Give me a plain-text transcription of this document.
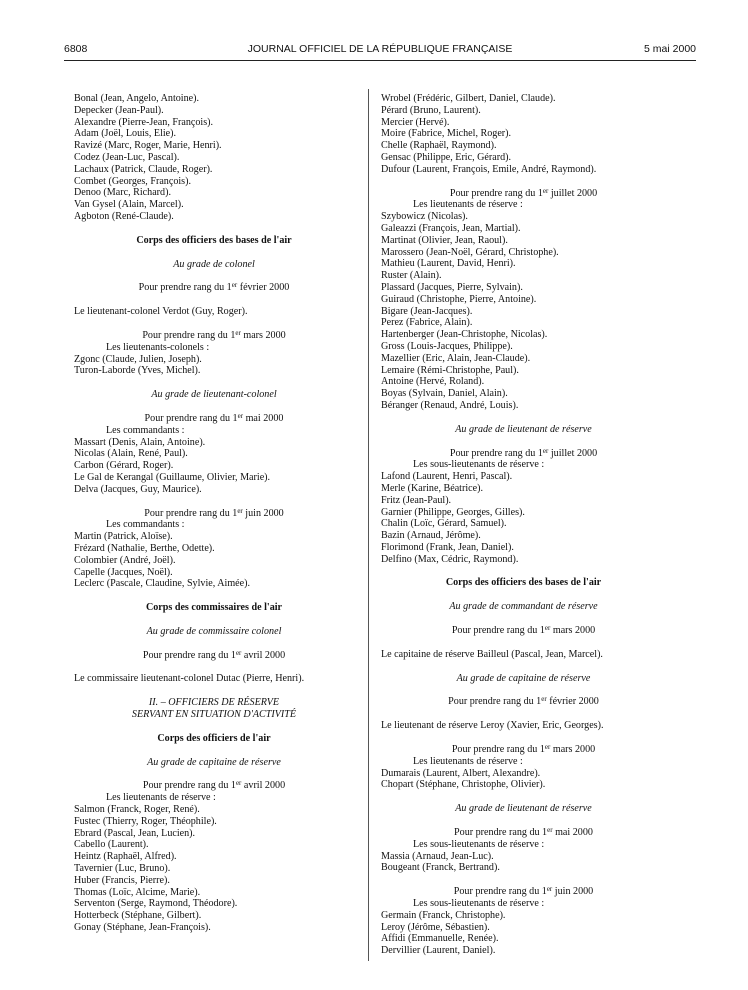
6808	JOURNAL OFFICIEL DE LA RÉPUBLIQUE FRANÇAISE	5 mai 2000

Bonal (Jean, Angelo, Antoine).

Depecker (Jean-Paul).

Alexandre (Pierre-Jean, François).

Adam (Joël, Louis, Elie).

Ravizé (Marc, Roger, Marie, Henri).

Codez (Jean-Luc, Pascal).

Lachaux (Patrick, Claude, Roger).

Combet (Georges, François).

Denoo (Marc, Richard).

Van Gysel (Alain, Marcel).

Agboton (René-Claude).

Corps des officiers des bases de l'air

Au grade de colonel

Pour prendre rang du 1er février 2000

Le lieutenant-colonel Verdot (Guy, Roger).

Pour prendre rang du 1er mars 2000

Les lieutenants-colonels :

Zgonc (Claude, Julien, Joseph).

Turon-Laborde (Yves, Michel).

Au grade de lieutenant-colonel

Pour prendre rang du 1er mai 2000

Les commandants :

Massart (Denis, Alain, Antoine).

Nicolas (Alain, René, Paul).

Carbon (Gérard, Roger).

Le Gal de Kerangal (Guillaume, Olivier, Marie).

Delva (Jacques, Guy, Maurice).

Pour prendre rang du 1er juin 2000

Les commandants :

Martin (Patrick, Aloïse).

Frézard (Nathalie, Berthe, Odette).

Colombier (André, Joël).

Capelle (Jacques, Noël).

Leclerc (Pascale, Claudine, Sylvie, Aimée).

Corps des commissaires de l'air

Au grade de commissaire colonel

Pour prendre rang du 1er avril 2000

Le commissaire lieutenant-colonel Dutac (Pierre, Henri).

II. – OFFICIERS DE RÉSERVE

SERVANT EN SITUATION D'ACTIVITÉ

Corps des officiers de l'air

Au grade de capitaine de réserve

Pour prendre rang du 1er avril 2000

Les lieutenants de réserve :

Salmon (Franck, Roger, René).

Fustec (Thierry, Roger, Théophile).

Ebrard (Pascal, Jean, Lucien).

Cabello (Laurent).

Heintz (Raphaël, Alfred).

Tavernier (Luc, Bruno).

Huber (Francis, Pierre).

Thomas (Loïc, Alcime, Marie).

Serventon (Serge, Raymond, Théodore).

Hotterbeck (Stéphane, Gilbert).

Gonay (Stéphane, Jean-François).

Wrobel (Frédéric, Gilbert, Daniel, Claude).

Pérard (Bruno, Laurent).

Mercier (Hervé).

Moire (Fabrice, Michel, Roger).

Chelle (Raphaël, Raymond).

Gensac (Philippe, Eric, Gérard).

Dufour (Laurent, François, Emile, André, Raymond).

Pour prendre rang du 1er juillet 2000

Les lieutenants de réserve :

Szybowicz (Nicolas).

Galeazzi (François, Jean, Martial).

Martinat (Olivier, Jean, Raoul).

Marossero (Jean-Noël, Gérard, Christophe).

Mathieu (Laurent, David, Henri).

Ruster (Alain).

Plassard (Jacques, Pierre, Sylvain).

Guiraud (Christophe, Pierre, Antoine).

Bigare (Jean-Jacques).

Perez (Fabrice, Alain).

Hartenberger (Jean-Christophe, Nicolas).

Gross (Louis-Jacques, Philippe).

Mazellier (Eric, Alain, Jean-Claude).

Lemaire (Rémi-Christophe, Paul).

Antoine (Hervé, Roland).

Boyas (Sylvain, Daniel, Alain).

Béranger (Renaud, André, Louis).

Au grade de lieutenant de réserve

Pour prendre rang du 1er juillet 2000

Les sous-lieutenants de réserve :

Lafond (Laurent, Henri, Pascal).

Merle (Karine, Béatrice).

Fritz (Jean-Paul).

Garnier (Philippe, Georges, Gilles).

Chalin (Loïc, Gérard, Samuel).

Bazin (Arnaud, Jérôme).

Florimond (Frank, Jean, Daniel).

Delfino (Max, Cédric, Raymond).

Corps des officiers des bases de l'air

Au grade de commandant de réserve

Pour prendre rang du 1er mars 2000

Le capitaine de réserve Bailleul (Pascal, Jean, Marcel).

Au grade de capitaine de réserve

Pour prendre rang du 1er février 2000

Le lieutenant de réserve Leroy (Xavier, Eric, Georges).

Pour prendre rang du 1er mars 2000

Les lieutenants de réserve :

Dumarais (Laurent, Albert, Alexandre).

Chopart (Stéphane, Christophe, Olivier).

Au grade de lieutenant de réserve

Pour prendre rang du 1er mai 2000

Les sous-lieutenants de réserve :

Massia (Arnaud, Jean-Luc).

Bougeant (Franck, Bertrand).

Pour prendre rang du 1er juin 2000

Les sous-lieutenants de réserve :

Germain (Franck, Christophe).

Leroy (Jérôme, Sébastien).

Affidi (Emmanuelle, Renée).

Dervillier (Laurent, Daniel).
